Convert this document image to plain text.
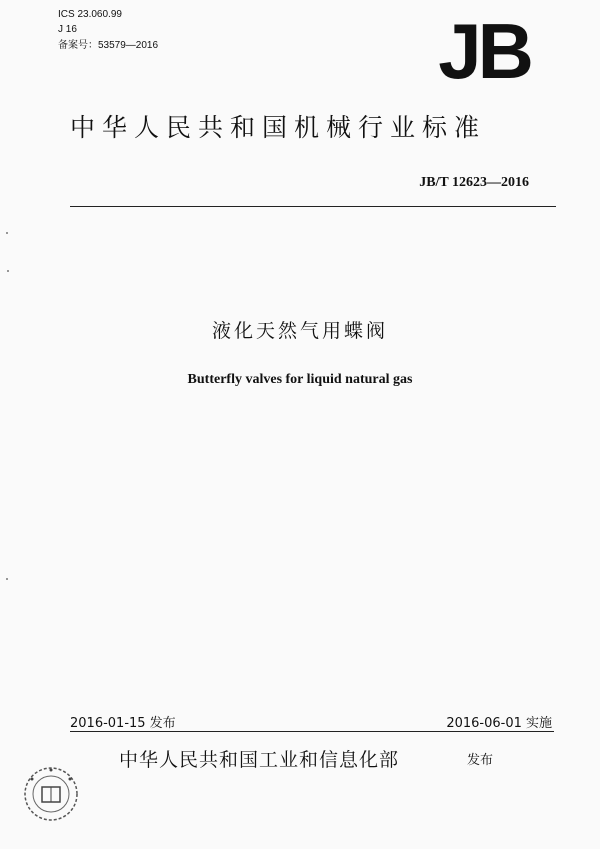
ICS 23.060.99
J 16
备案号：53579—2016	JB
中华人民共和国机械行业标准
JB/T 12623—2016
液化天然气用蝶阀
Butterfly valves for liquid natural gas
2016-01-15 发布	2016-06-01 实施
中华人民共和国工业和信息化部	发布
